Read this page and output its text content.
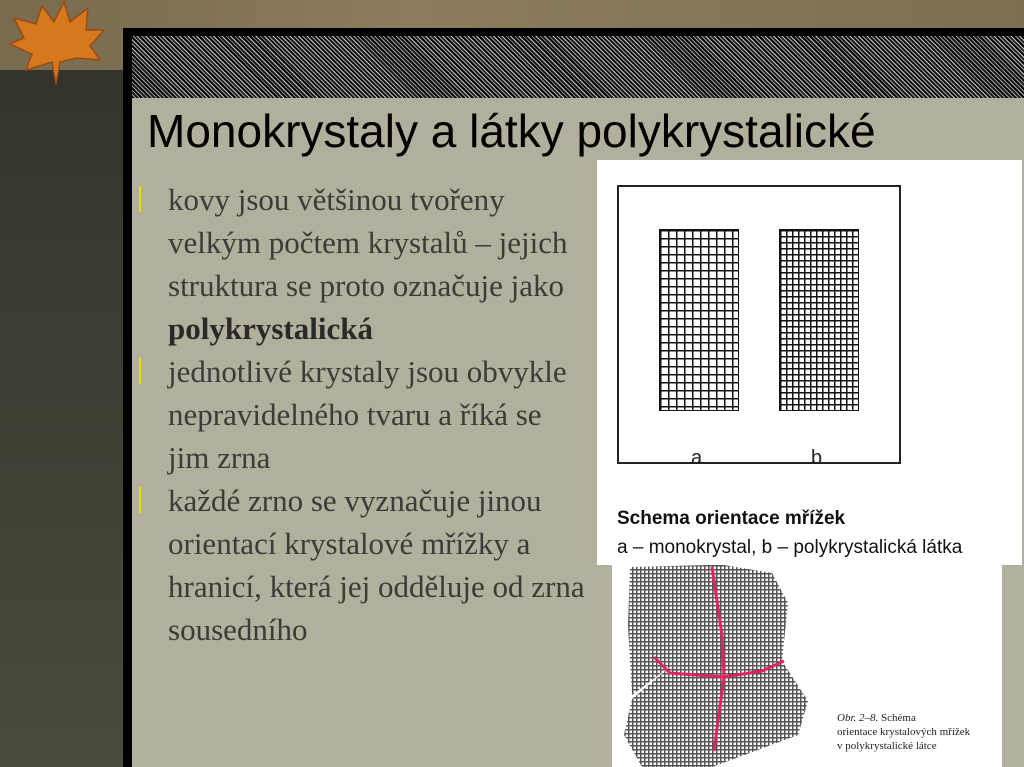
Monokrystaly a látky polykrystalické
kovy jsou většinou tvořeny velkým počtem krystalů – jejich struktura se proto označuje jako polykrystalická
jednotlivé krystaly jsou obvykle nepravidelného tvaru a říká se jim zrna
každé zrno se vyznačuje jinou orientací krystalové mřížky a hranicí, která jej odděluje od zrna sousedního
a	b
Schema orientace mřížek
a – monokrystal, b – polykrystalická látka
Obr. 2–8. Schéma
orientace krystalových mřížek
v polykrystalické látce
